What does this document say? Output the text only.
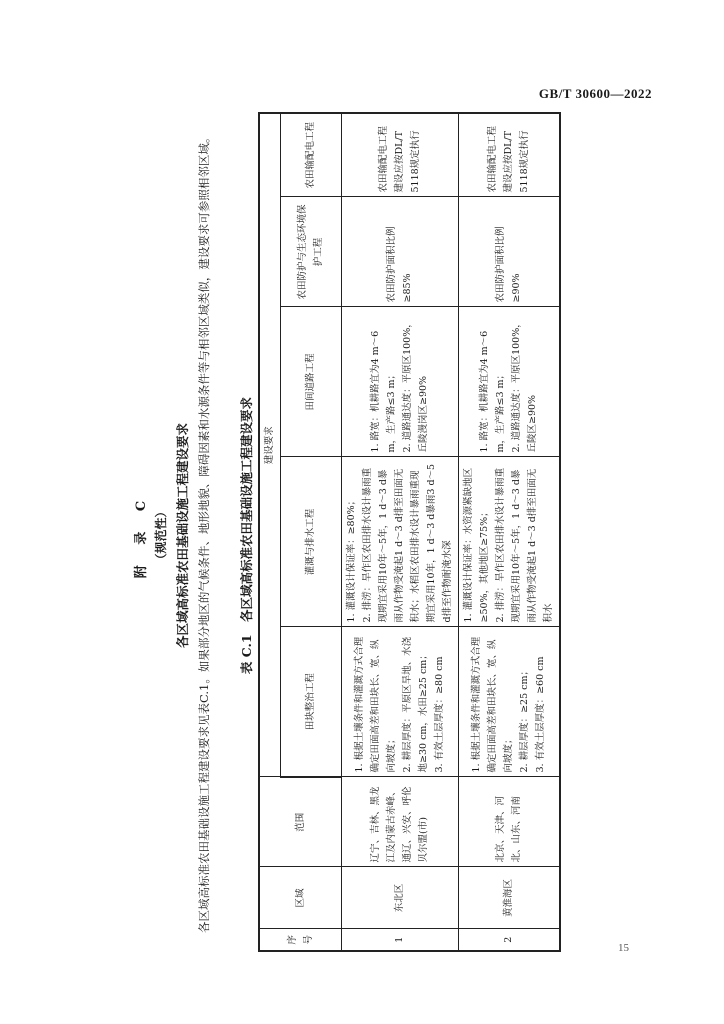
GB/T 30600—2022
附 录 C （规范性） 各区域高标准农田基础设施工程建设要求 各区域高标准农田基础设施工程建设要求见表C.1。如果部分地区的气候条件、地形地貌、障碍因素和水源条件等与相邻区域类似，建设要求可参照相邻区域。 表 C.1　各区域高标准农田基础设施工程建设要求
序号	区域	范围	建设要求				
			田块整治工程	灌溉与排水工程	田间道路工程	农田防护与生态环境保护工程	农田输配电工程
1	东北区	辽宁、吉林、黑龙江及内蒙古赤峰、通辽、兴安、呼伦贝尔盟(市)	1. 根据土壤条件和灌溉方式合理确定田面高差和田块长、宽、纵向坡度； 2. 耕层厚度：平原区旱地、水浇地≥30 cm，水田≥25 cm； 3. 有效土层厚度：≥80 cm	1. 灌溉设计保证率：≥80%； 2. 排涝：旱作区农田排水设计暴雨重现期宜采用10年～5年，1 d～3 d暴雨从作物受淹起1 d～3 d排至田面无积水；水稻区农田排水设计暴雨重现期宜采用10年，1 d～3 d暴雨3 d～5 d排至作物耐淹水深	1. 路宽：机耕路宜为4 m～6 m，生产路≤3 m； 2. 道路通达度：平原区100%，丘陵漫岗区≥90%	农田防护面积比例≥85%	农田输配电工程建设应按DL/T 5118规定执行

2	黄淮海区	北京、天津、河北、山东、河南	1. 根据土壤条件和灌溉方式合理确定田面高差和田块长、宽、纵向坡度； 2. 耕层厚度：≥25 cm； 3. 有效土层厚度：≥60 cm	1. 灌溉设计保证率：水资源紧缺地区≥50%，其他地区≥75%； 2. 排涝：旱作区农田排水设计暴雨重现期宜采用10年～5年，1 d～3 d暴雨从作物受淹起1 d～3 d排至田面无积水	1. 路宽：机耕路宜为4 m～6 m，生产路≤3 m； 2. 道路通达度：平原区100%，丘陵区≥90%	农田防护面积比例≥90%	农田输配电工程建设应按DL/T 5118规定执行
15
